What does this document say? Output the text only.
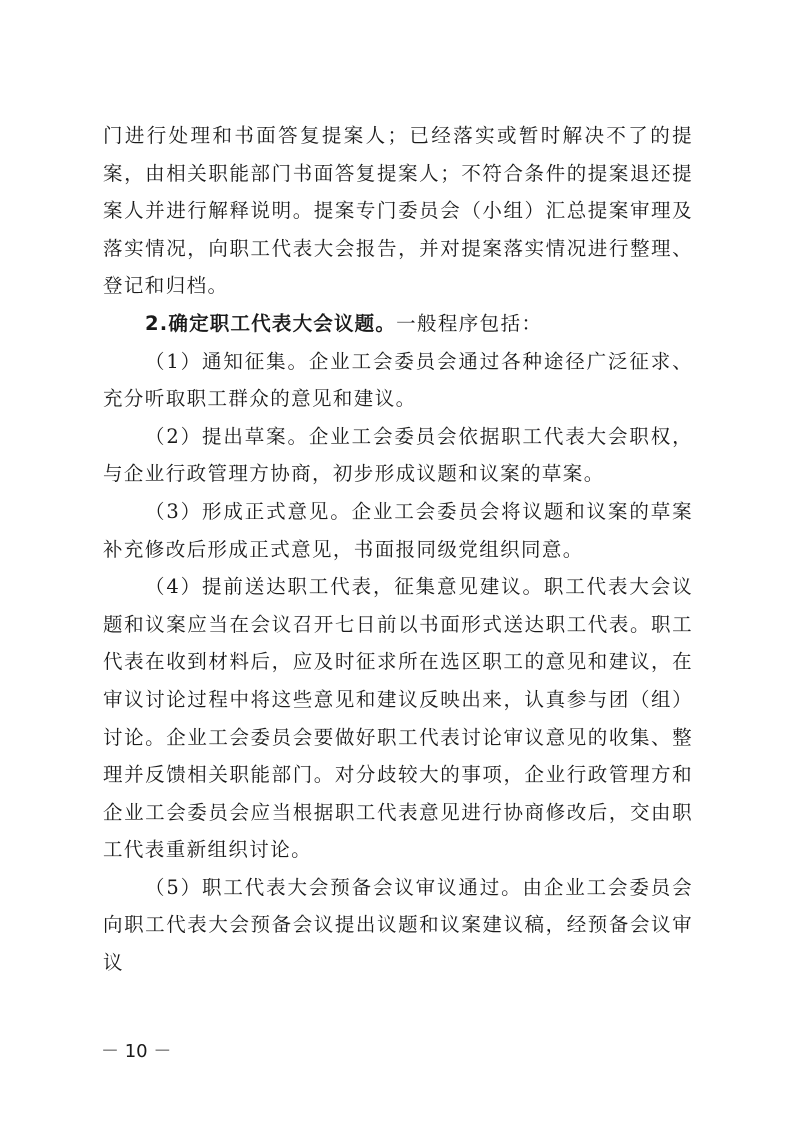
门进行处理和书面答复提案人；已经落实或暂时解决不了的提案，由相关职能部门书面答复提案人；不符合条件的提案退还提案人并进行解释说明。提案专门委员会（小组）汇总提案审理及落实情况，向职工代表大会报告，并对提案落实情况进行整理、登记和归档。

2.确定职工代表大会议题。一般程序包括：

（1）通知征集。企业工会委员会通过各种途径广泛征求、充分听取职工群众的意见和建议。

（2）提出草案。企业工会委员会依据职工代表大会职权，与企业行政管理方协商，初步形成议题和议案的草案。

（3）形成正式意见。企业工会委员会将议题和议案的草案补充修改后形成正式意见，书面报同级党组织同意。

（4）提前送达职工代表，征集意见建议。职工代表大会议题和议案应当在会议召开七日前以书面形式送达职工代表。职工代表在收到材料后，应及时征求所在选区职工的意见和建议，在审议讨论过程中将这些意见和建议反映出来，认真参与团（组）讨论。企业工会委员会要做好职工代表讨论审议意见的收集、整理并反馈相关职能部门。对分歧较大的事项，企业行政管理方和企业工会委员会应当根据职工代表意见进行协商修改后，交由职工代表重新组织讨论。

（5）职工代表大会预备会议审议通过。由企业工会委员会向职工代表大会预备会议提出议题和议案建议稿，经预备会议审议

－ 10 －
